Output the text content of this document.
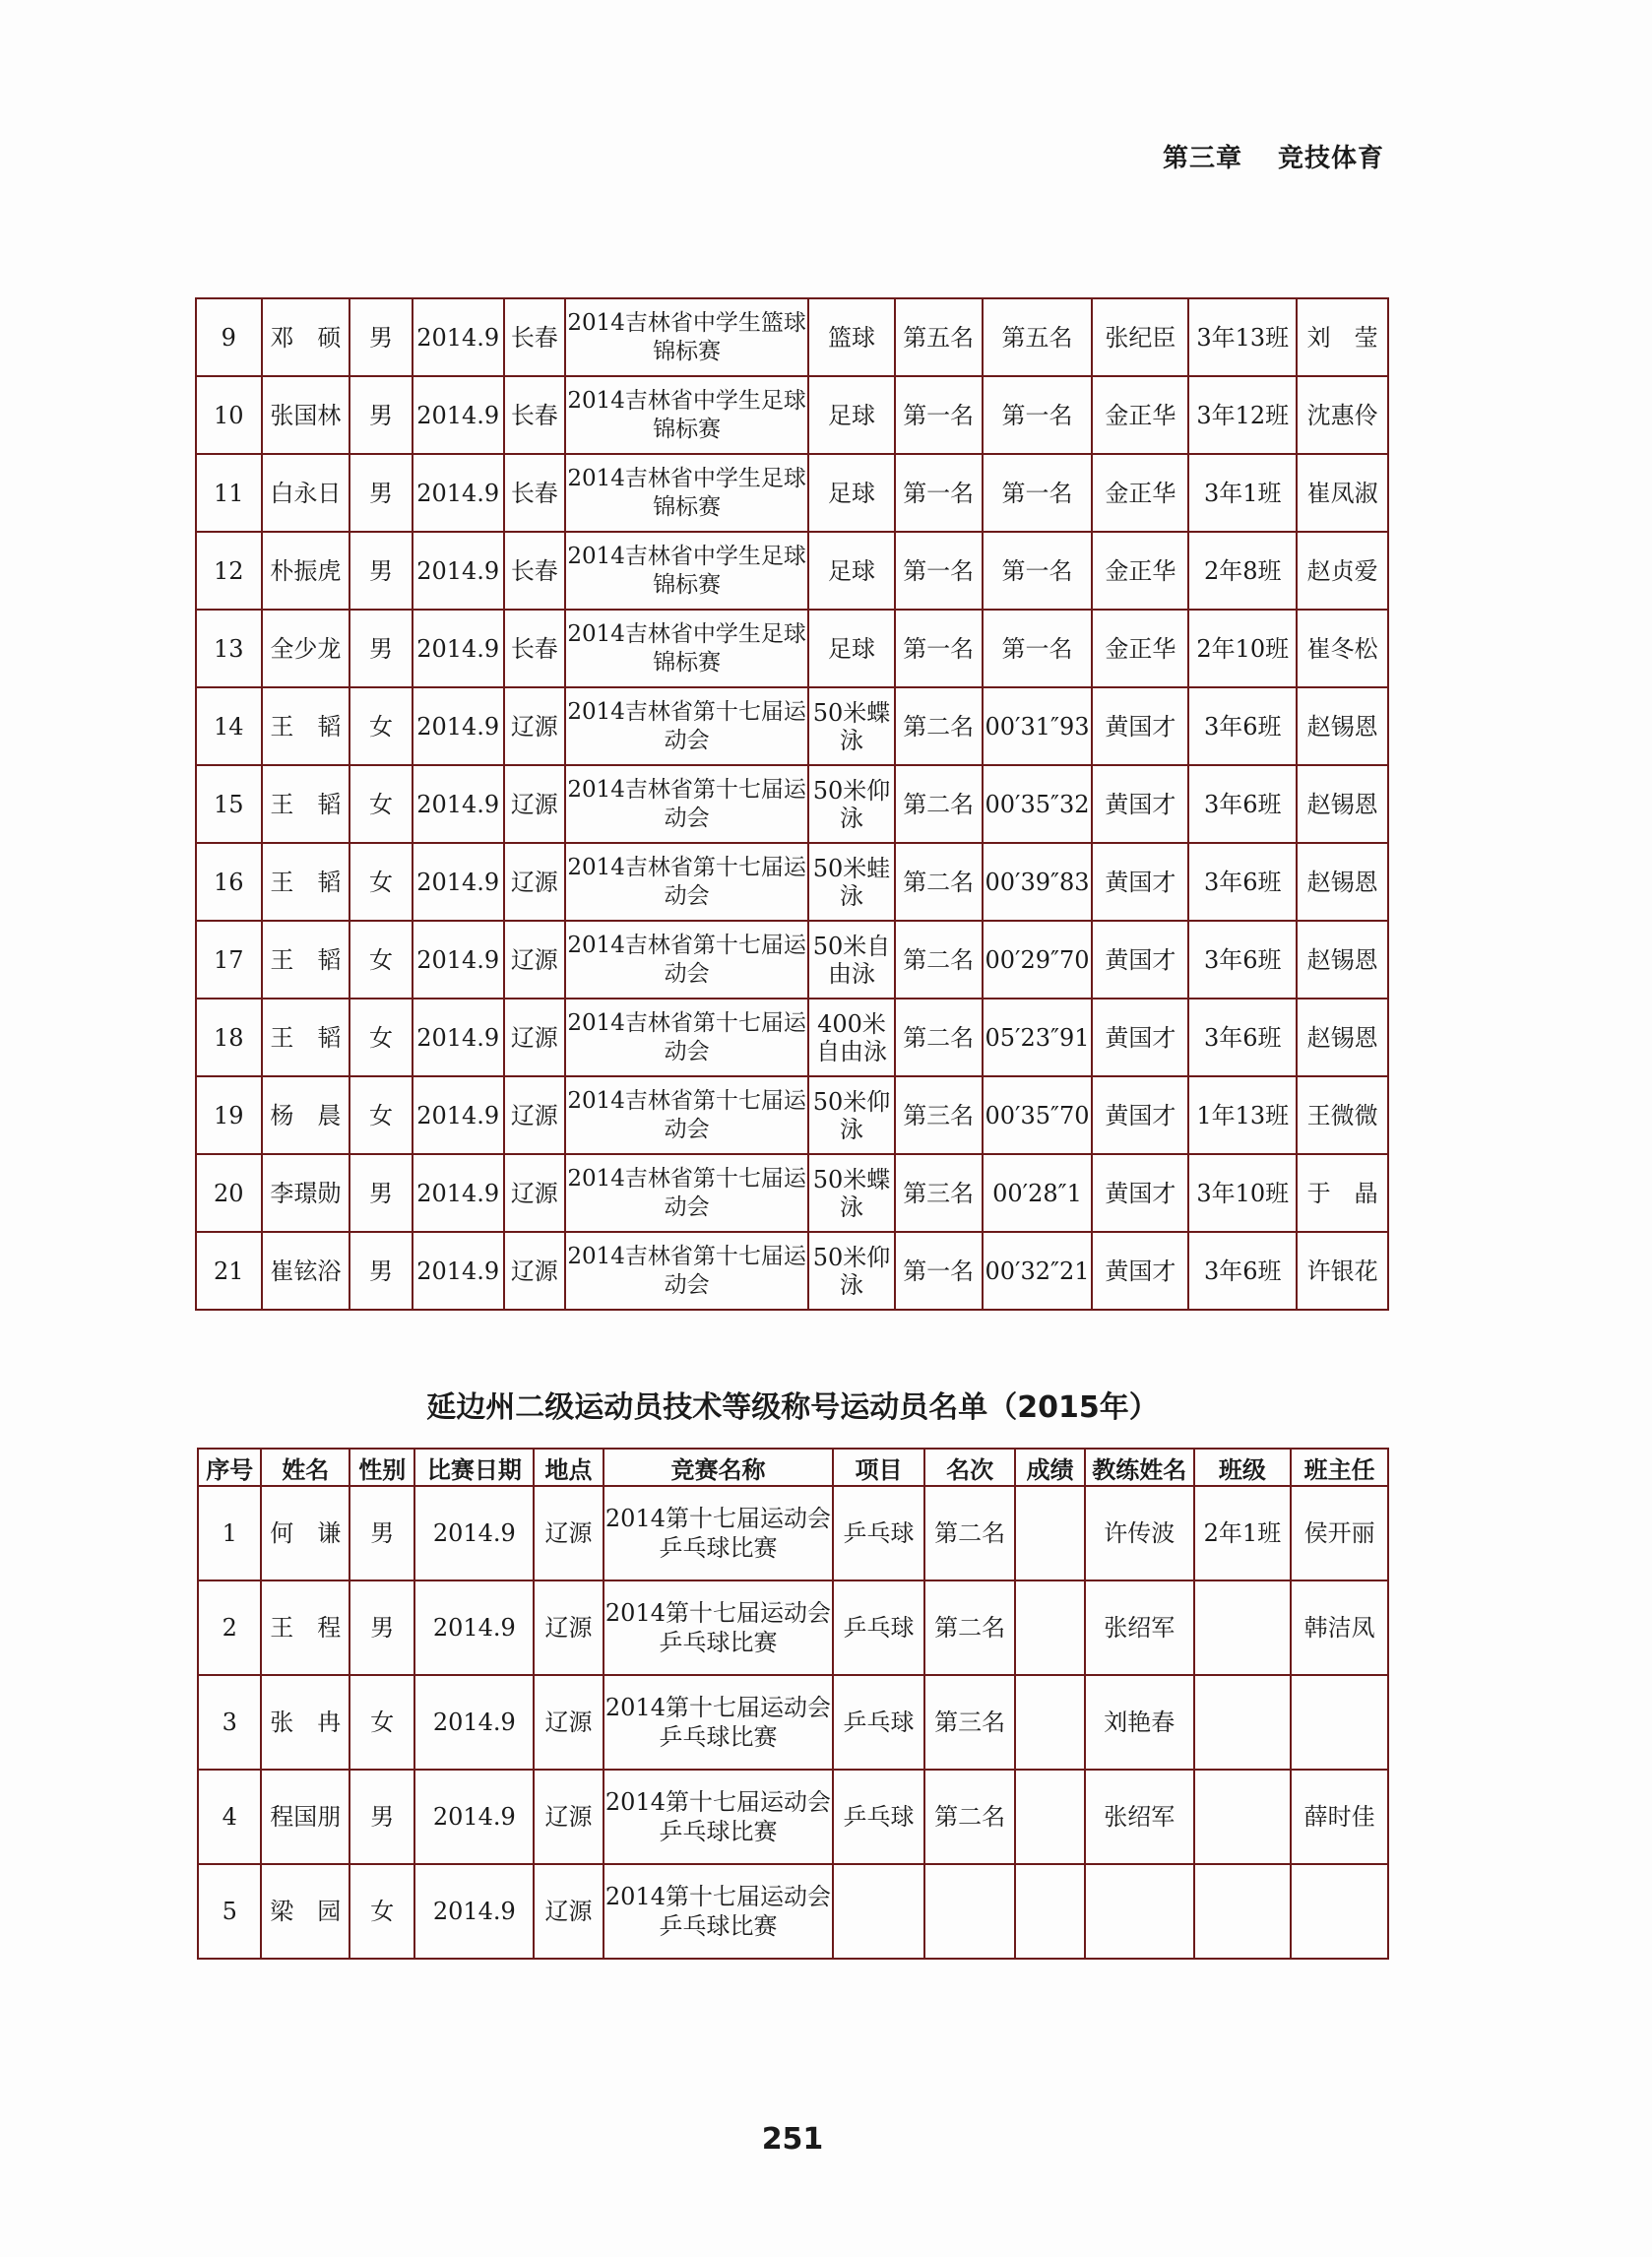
第三章 竞技体育
9	邓　硕	男	2014.9	长春	2014吉林省中学生篮球锦标赛	篮球	第五名	第五名	张纪臣	3年13班	刘　莹
10	张国林	男	2014.9	长春	2014吉林省中学生足球锦标赛	足球	第一名	第一名	金正华	3年12班	沈惠伶
11	白永日	男	2014.9	长春	2014吉林省中学生足球锦标赛	足球	第一名	第一名	金正华	3年1班	崔凤淑
12	朴振虎	男	2014.9	长春	2014吉林省中学生足球锦标赛	足球	第一名	第一名	金正华	2年8班	赵贞爱
13	全少龙	男	2014.9	长春	2014吉林省中学生足球锦标赛	足球	第一名	第一名	金正华	2年10班	崔冬松
14	王　韬	女	2014.9	辽源	2014吉林省第十七届运动会	50米蝶泳	第二名	00′31″93	黄国才	3年6班	赵锡恩
15	王　韬	女	2014.9	辽源	2014吉林省第十七届运动会	50米仰泳	第二名	00′35″32	黄国才	3年6班	赵锡恩
16	王　韬	女	2014.9	辽源	2014吉林省第十七届运动会	50米蛙泳	第二名	00′39″83	黄国才	3年6班	赵锡恩
17	王　韬	女	2014.9	辽源	2014吉林省第十七届运动会	50米自由泳	第二名	00′29″70	黄国才	3年6班	赵锡恩
18	王　韬	女	2014.9	辽源	2014吉林省第十七届运动会	400米自由泳	第二名	05′23″91	黄国才	3年6班	赵锡恩
19	杨　晨	女	2014.9	辽源	2014吉林省第十七届运动会	50米仰泳	第三名	00′35″70	黄国才	1年13班	王微微
20	李璟勋	男	2014.9	辽源	2014吉林省第十七届运动会	50米蝶泳	第三名	00′28″1	黄国才	3年10班	于　晶
21	崔铉浴	男	2014.9	辽源	2014吉林省第十七届运动会	50米仰泳	第一名	00′32″21	黄国才	3年6班	许银花
延边州二级运动员技术等级称号运动员名单（2015年）
序号	姓名	性别	比赛日期	地点	竞赛名称	项目	名次	成绩	教练姓名	班级	班主任
1	何　谦	男	2014.9	辽源	2014第十七届运动会乒乓球比赛	乒乓球	第二名		许传波	2年1班	侯开丽
2	王　程	男	2014.9	辽源	2014第十七届运动会乒乓球比赛	乒乓球	第二名		张绍军		韩洁凤
3	张　冉	女	2014.9	辽源	2014第十七届运动会乒乓球比赛	乒乓球	第三名		刘艳春		
4	程国朋	男	2014.9	辽源	2014第十七届运动会乒乓球比赛	乒乓球	第二名		张绍军		薛时佳
5	梁　园	女	2014.9	辽源	2014第十七届运动会乒乓球比赛						
251
